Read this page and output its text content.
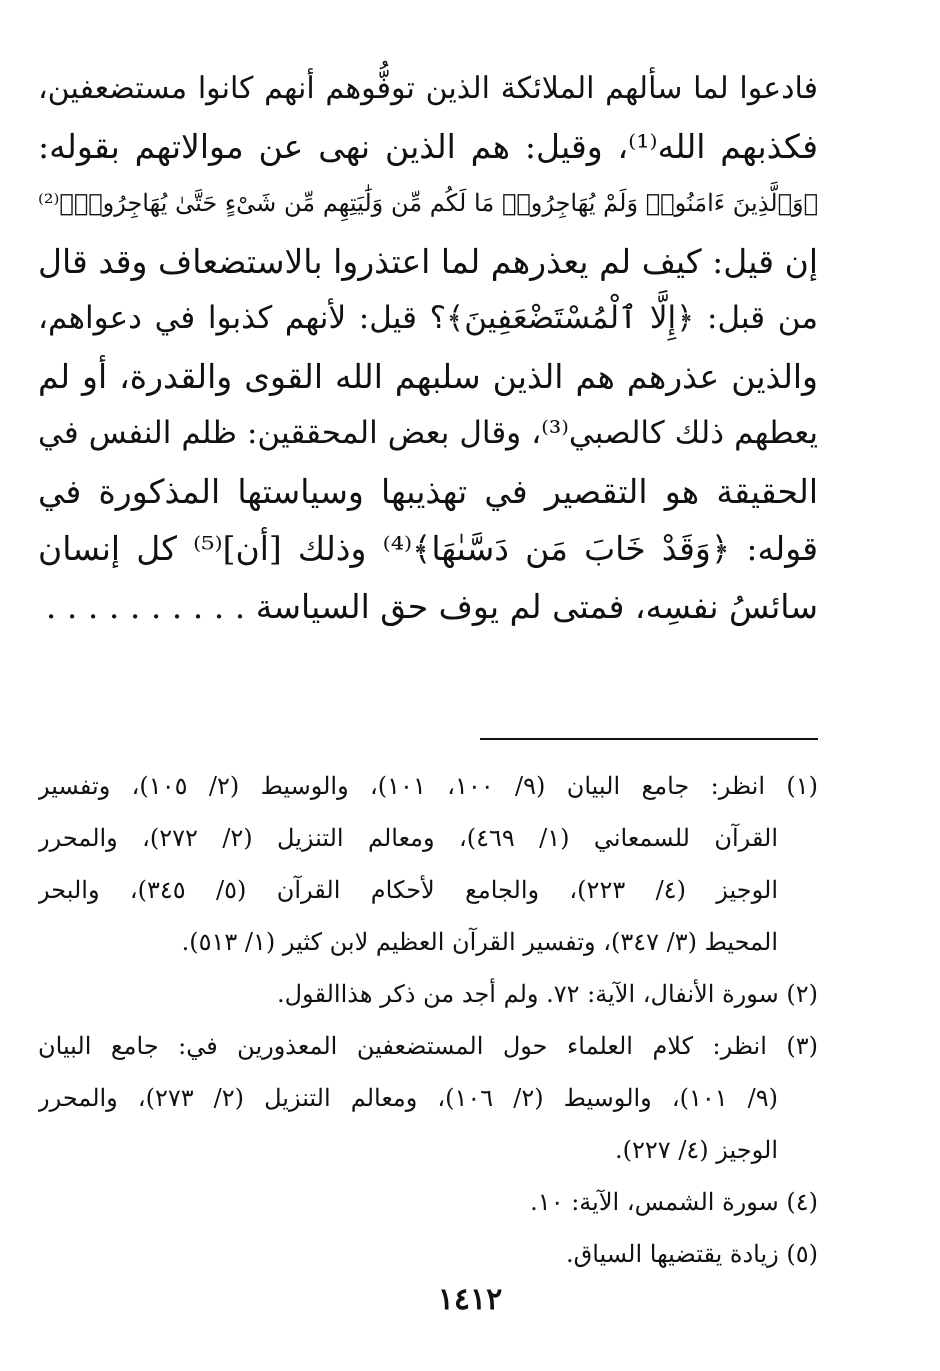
فادعوا لما سألهم الملائكة الذين توفُّوهم أنهم كانوا مستضعفين،
فكذبهم الله⁽¹⁾، وقيل: هم الذين نهى عن موالاتهم بقوله:
﴿وَٱلَّذِينَ ءَامَنُوا۟ وَلَمْ يُهَاجِرُوا۟ مَا لَكُم مِّن وَلَٰيَتِهِم مِّن شَىْءٍ حَتَّىٰ يُهَاجِرُوا۟﴾⁽²⁾
إن قيل: كيف لم يعذرهم لما اعتذروا بالاستضعاف وقد قال
من قبل: ﴿إِلَّا ٱلْمُسْتَضْعَفِينَ﴾؟ قيل: لأنهم كذبوا في دعواهم،
والذين عذرهم هم الذين سلبهم الله القوى والقدرة، أو لم
يعطهم ذلك كالصبي⁽³⁾، وقال بعض المحققين: ظلم النفس في
الحقيقة هو التقصير في تهذيبها وسياستها المذكورة في
قوله: ﴿وَقَدْ خَابَ مَن دَسَّىٰهَا﴾⁽⁴⁾ وذلك [أن]⁽⁵⁾ كل إنسان
سائسُ نفسِه، فمتى لم يوف حق السياسة . . . . . . . . . .
(١) انظر: جامع البيان (٩/ ١٠٠، ١٠١)، والوسيط (٢/ ١٠٥)، وتفسير
القرآن للسمعاني (١/ ٤٦٩)، ومعالم التنزيل (٢/ ٢٧٢)، والمحرر
الوجيز (٤/ ٢٢٣)، والجامع لأحكام القرآن (٥/ ٣٤٥)، والبحر
المحيط (٣/ ٣٤٧)، وتفسير القرآن العظيم لابن كثير (١/ ٥١٣).
(٢) سورة الأنفال، الآية: ٧٢. ولم أجد من ذكر هذاالقول.
(٣) انظر: كلام العلماء حول المستضعفين المعذورين في: جامع البيان
(٩/ ١٠١)، والوسيط (٢/ ١٠٦)، ومعالم التنزيل (٢/ ٢٧٣)، والمحرر
الوجيز (٤/ ٢٢٧).
(٤) سورة الشمس، الآية: ١٠.
(٥) زيادة يقتضيها السياق.
١٤١٢
